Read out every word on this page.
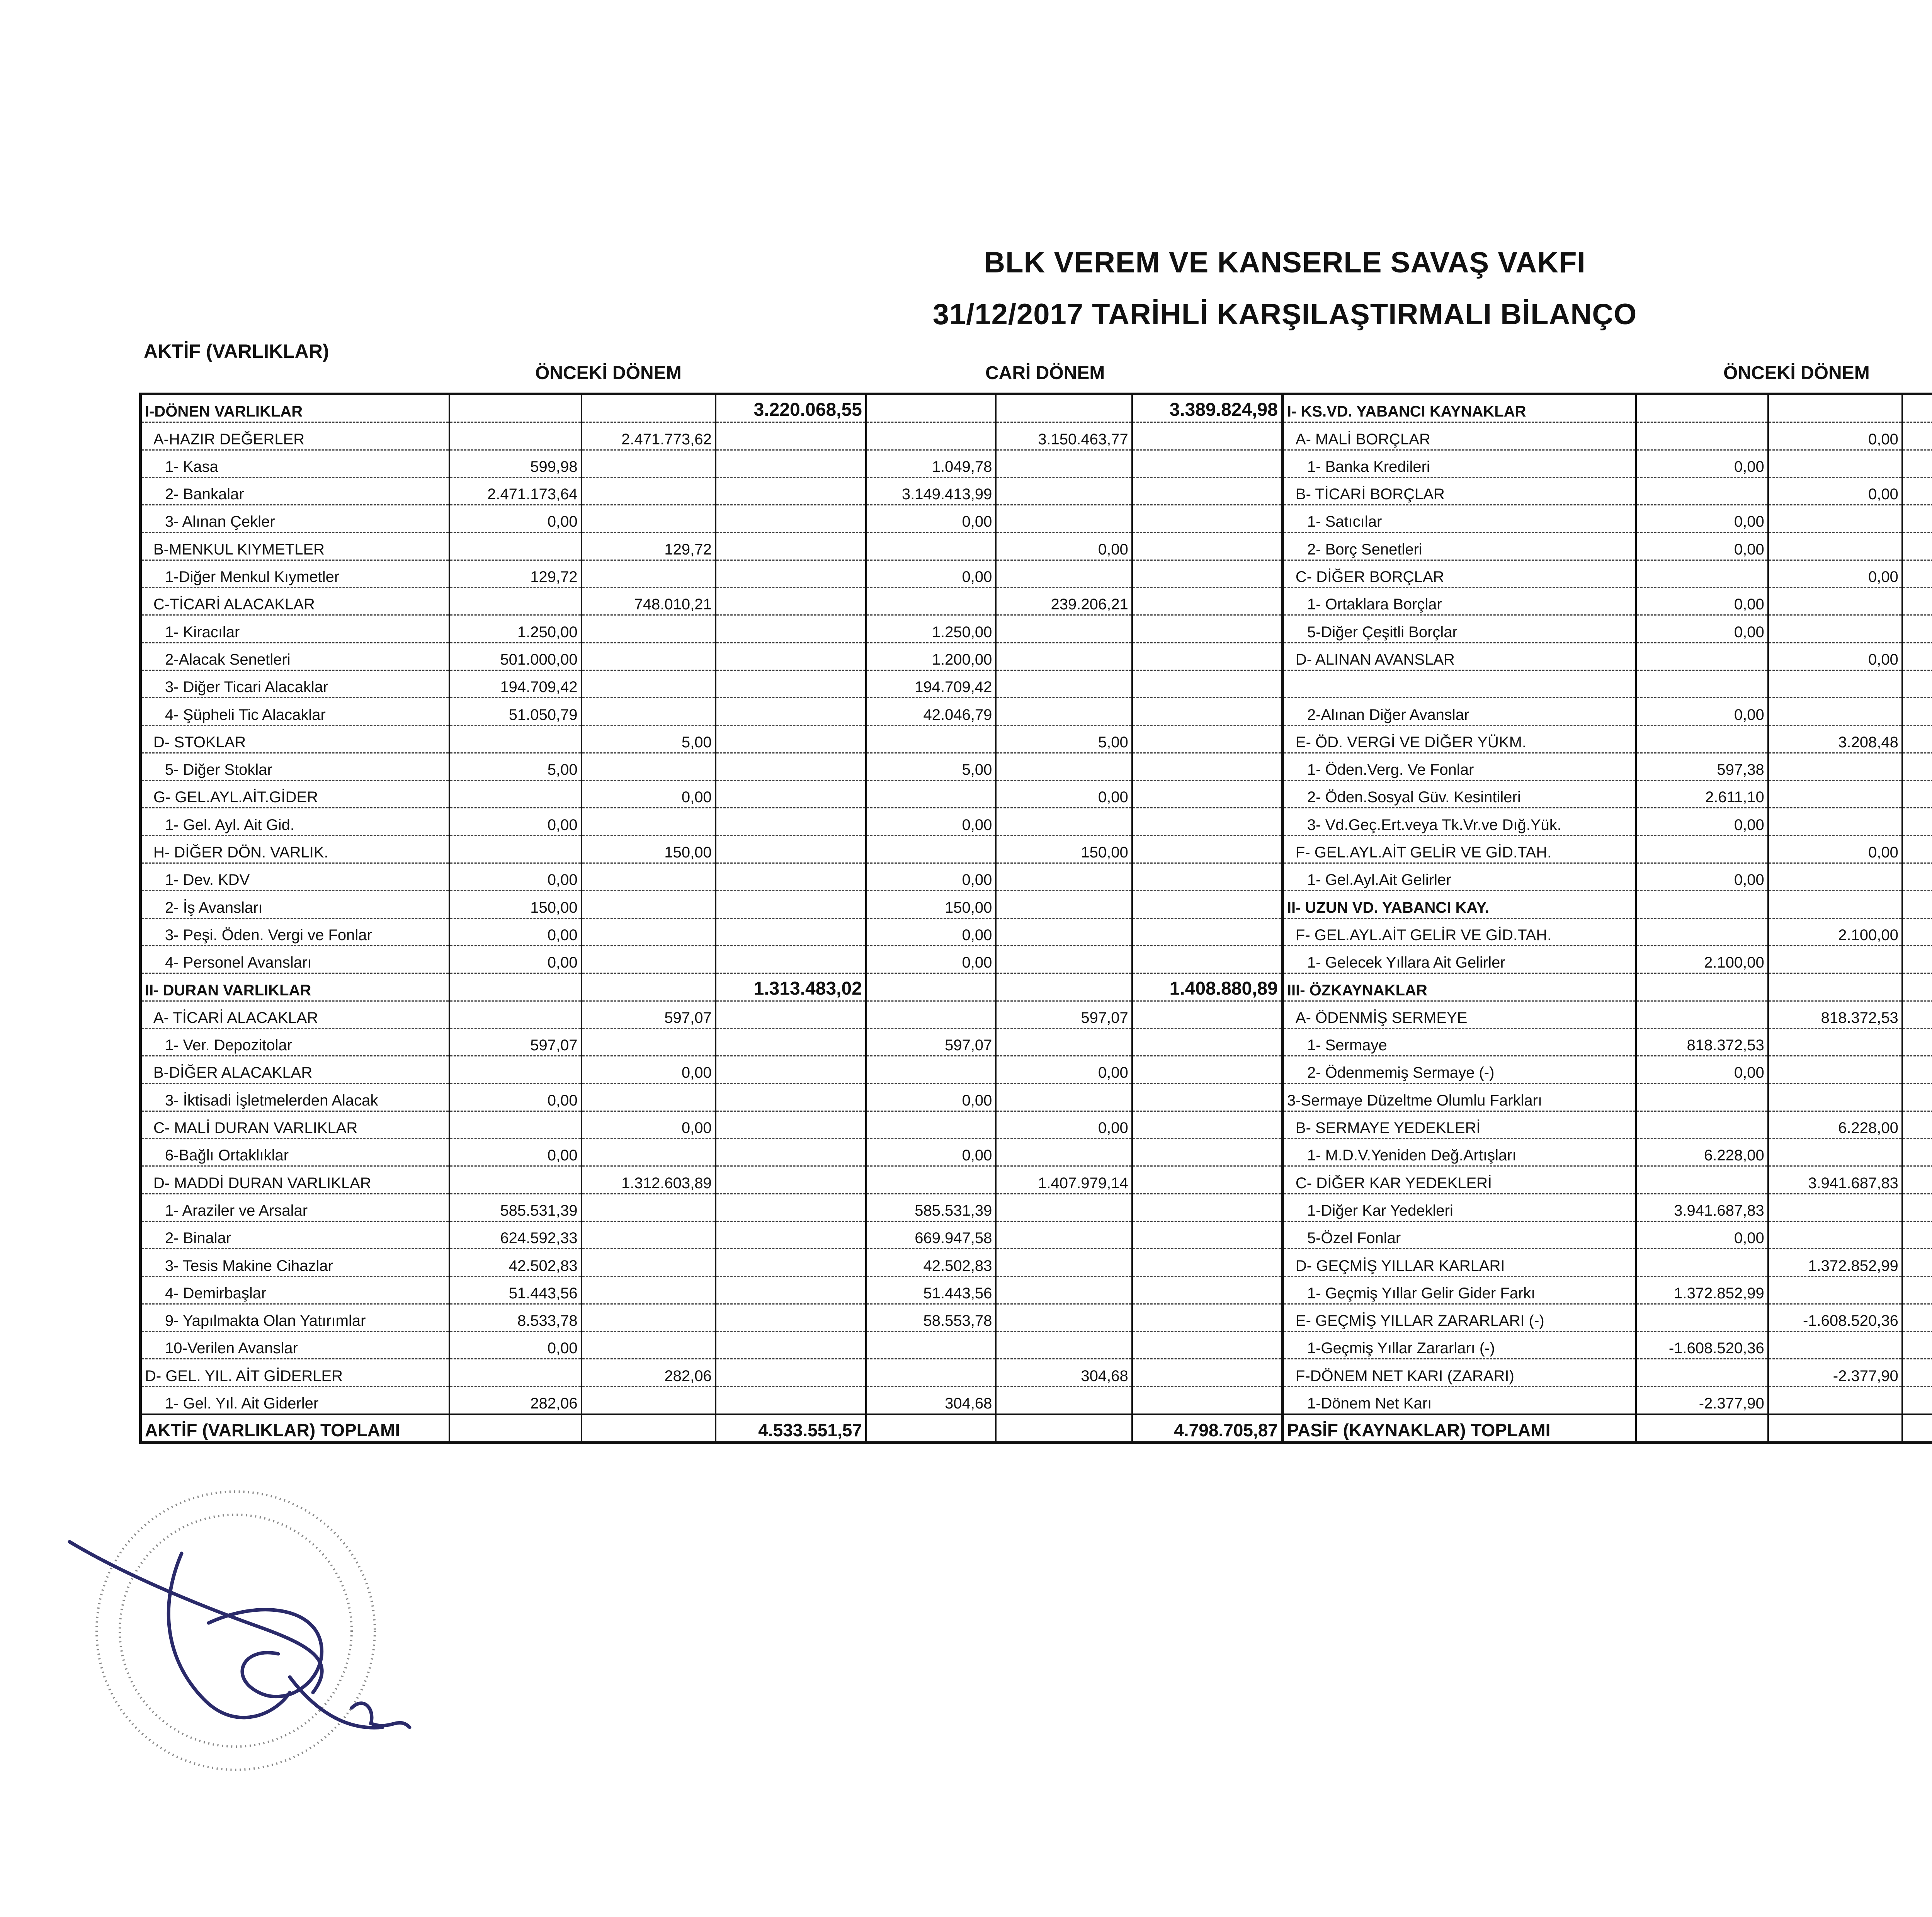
BLK VEREM VE KANSERLE SAVAŞ VAKFI
31/12/2017 TARİHLİ KARŞILAŞTIRMALI BİLANÇO
AKTİF (VARLIKLAR)
ÖNCEKİ DÖNEM	CARİ DÖNEM	ÖNCEKİ DÖNEM
I-DÖNEN VARLIKLAR			3.220.068,55			3.389.824,98	I- KS.VD. YABANCI KAYNAKLAR						
A-HAZIR DEĞERLER		2.471.773,62			3.150.463,77		A- MALİ BORÇLAR		0,00				
1- Kasa	599,98			1.049,78			1- Banka Kredileri	0,00					
2- Bankalar	2.471.173,64			3.149.413,99			B- TİCARİ BORÇLAR		0,00				
3- Alınan Çekler	0,00			0,00			1- Satıcılar	0,00					
B-MENKUL KIYMETLER		129,72			0,00		2- Borç Senetleri	0,00					
1-Diğer Menkul Kıymetler	129,72			0,00			C- DİĞER BORÇLAR		0,00				
C-TİCARİ ALACAKLAR		748.010,21			239.206,21		1- Ortaklara Borçlar	0,00					
1- Kiracılar	1.250,00			1.250,00			5-Diğer Çeşitli Borçlar	0,00					
2-Alacak Senetleri	501.000,00			1.200,00			D- ALINAN AVANSLAR		0,00				
3- Diğer Ticari Alacaklar	194.709,42			194.709,42									
4- Şüpheli Tic Alacaklar	51.050,79			42.046,79			2-Alınan Diğer Avanslar	0,00					
D- STOKLAR		5,00			5,00		E- ÖD. VERGİ VE DİĞER YÜKM.		3.208,48				
5- Diğer Stoklar	5,00			5,00			1- Öden.Verg. Ve Fonlar	597,38					
G- GEL.AYL.AİT.GİDER		0,00			0,00		2- Öden.Sosyal Güv. Kesintileri	2.611,10					
1- Gel. Ayl. Ait Gid.	0,00			0,00			3- Vd.Geç.Ert.veya Tk.Vr.ve Dığ.Yük.	0,00					
H- DİĞER DÖN. VARLIK.		150,00			150,00		F- GEL.AYL.AİT GELİR VE GİD.TAH.		0,00				
1- Dev. KDV	0,00			0,00			1- Gel.Ayl.Ait Gelirler	0,00					
2- İş Avansları	150,00			150,00			II- UZUN VD. YABANCI KAY.						
3- Peşi. Öden. Vergi ve Fonlar	0,00			0,00			F- GEL.AYL.AİT GELİR VE GİD.TAH.		2.100,00				
4- Personel Avansları	0,00			0,00			1- Gelecek Yıllara Ait Gelirler	2.100,00					
II- DURAN VARLIKLAR			1.313.483,02			1.408.880,89	III- ÖZKAYNAKLAR						
A- TİCARİ ALACAKLAR		597,07			597,07		A- ÖDENMİŞ SERMEYE		818.372,53				
1- Ver. Depozitolar	597,07			597,07			1- Sermaye	818.372,53					
B-DİĞER ALACAKLAR		0,00			0,00		2- Ödenmemiş Sermaye (-)	0,00					
3- İktisadi İşletmelerden Alacak	0,00			0,00			3-Sermaye Düzeltme Olumlu Farkları						
C- MALİ DURAN VARLIKLAR		0,00			0,00		B- SERMAYE YEDEKLERİ		6.228,00				
6-Bağlı Ortaklıklar	0,00			0,00			1- M.D.V.Yeniden Değ.Artışları	6.228,00					
D- MADDİ DURAN VARLIKLAR		1.312.603,89			1.407.979,14		C- DİĞER KAR YEDEKLERİ		3.941.687,83				
1- Araziler ve Arsalar	585.531,39			585.531,39			1-Diğer Kar Yedekleri	3.941.687,83					
2- Binalar	624.592,33			669.947,58			5-Özel Fonlar	0,00					
3- Tesis Makine Cihazlar	42.502,83			42.502,83			D- GEÇMİŞ YILLAR KARLARI		1.372.852,99				
4- Demirbaşlar	51.443,56			51.443,56			1- Geçmiş Yıllar Gelir Gider Farkı	1.372.852,99					
9- Yapılmakta Olan Yatırımlar	8.533,78			58.553,78			E- GEÇMİŞ YILLAR ZARARLARI (-)		-1.608.520,36				
10-Verilen Avanslar	0,00						1-Geçmiş Yıllar Zararları (-)	-1.608.520,36					
D- GEL. YIL. AİT GİDERLER		282,06			304,68		F-DÖNEM NET KARI (ZARARI)		-2.377,90				
1- Gel. Yıl. Ait Giderler	282,06			304,68			1-Dönem Net Karı	-2.377,90					
AKTİF (VARLIKLAR) TOPLAMI			4.533.551,57			4.798.705,87	PASİF (KAYNAKLAR) TOPLAMI						
